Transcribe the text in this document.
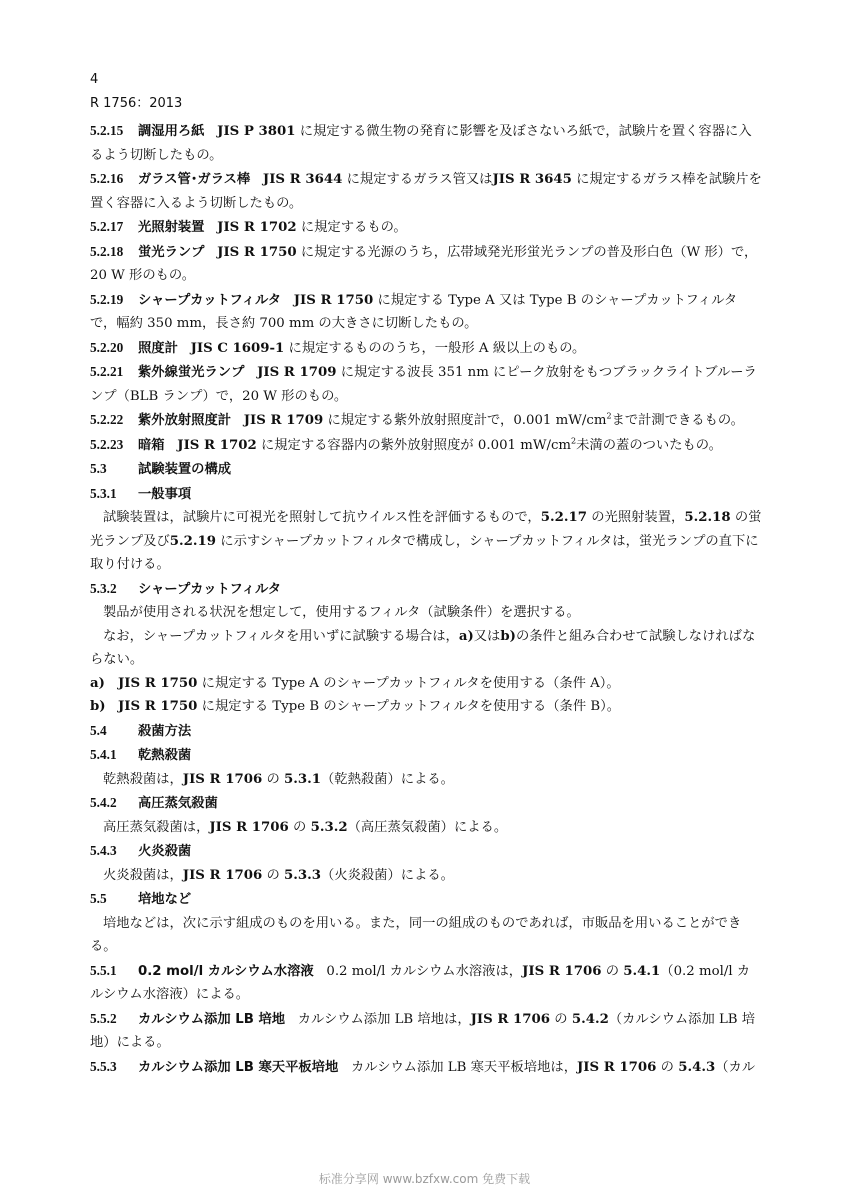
4
R 1756：2013

5.2.15 調湿用ろ紙 JIS P 3801 に規定する微生物の発育に影響を及ぼさないろ紙で，試験片を置く容器に入るよう切断したもの。

5.2.16 ガラス管･ガラス棒 JIS R 3644 に規定するガラス管又はJIS R 3645 に規定するガラス棒を試験片を置く容器に入るよう切断したもの。

5.2.17 光照射装置 JIS R 1702 に規定するもの。

5.2.18 蛍光ランプ JIS R 1750 に規定する光源のうち，広帯域発光形蛍光ランプの普及形白色（W 形）で，20 W 形のもの。

5.2.19 シャープカットフィルタ JIS R 1750 に規定する Type A 又は Type B のシャープカットフィルタで，幅約 350 mm，長さ約 700 mm の大きさに切断したもの。

5.2.20 照度計 JIS C 1609-1 に規定するもののうち，一般形 A 級以上のもの。

5.2.21 紫外線蛍光ランプ JIS R 1709 に規定する波長 351 nm にピーク放射をもつブラックライトブルーランプ（BLB ランプ）で，20 W 形のもの。

5.2.22 紫外放射照度計 JIS R 1709 に規定する紫外放射照度計で，0.001 $mW/cm^2$まで計測できるもの。

5.2.23 暗箱 JIS R 1702 に規定する容器内の紫外放射照度が 0.001 $mW/cm^2$未満の蓋のついたもの。

5.3 試験装置の構成

5.3.1 一般事項

試験装置は，試験片に可視光を照射して抗ウイルス性を評価するもので，5.2.17 の光照射装置，5.2.18 の蛍光ランプ及び5.2.19 に示すシャープカットフィルタで構成し，シャープカットフィルタは，蛍光ランプの直下に取り付ける。

5.3.2 シャープカットフィルタ

製品が使用される状況を想定して，使用するフィルタ（試験条件）を選択する。

なお，シャープカットフィルタを用いずに試験する場合は，a)又はb)の条件と組み合わせて試験しなければならない。

a) JIS R 1750 に規定する Type A のシャープカットフィルタを使用する（条件 A）。

b) JIS R 1750 に規定する Type B のシャープカットフィルタを使用する（条件 B）。

5.4 殺菌方法

5.4.1 乾熱殺菌

乾熱殺菌は，JIS R 1706 の 5.3.1（乾熱殺菌）による。

5.4.2 高圧蒸気殺菌

高圧蒸気殺菌は，JIS R 1706 の 5.3.2（高圧蒸気殺菌）による。

5.4.3 火炎殺菌

火炎殺菌は，JIS R 1706 の 5.3.3（火炎殺菌）による。

5.5 培地など

培地などは，次に示す組成のものを用いる。また，同一の組成のものであれば，市販品を用いることができる。

5.5.1 0.2 mol/l カルシウム水溶液 0.2 mol/l カルシウム水溶液は，JIS R 1706 の 5.4.1（0.2 mol/l カルシウム水溶液）による。

5.5.2 カルシウム添加 LB 培地 カルシウム添加 LB 培地は，JIS R 1706 の 5.4.2（カルシウム添加 LB 培地）による。

5.5.3 カルシウム添加 LB 寒天平板培地 カルシウム添加 LB 寒天平板培地は，JIS R 1706 の 5.4.3（カル

标准分享网 www.bzfxw.com 免费下载
